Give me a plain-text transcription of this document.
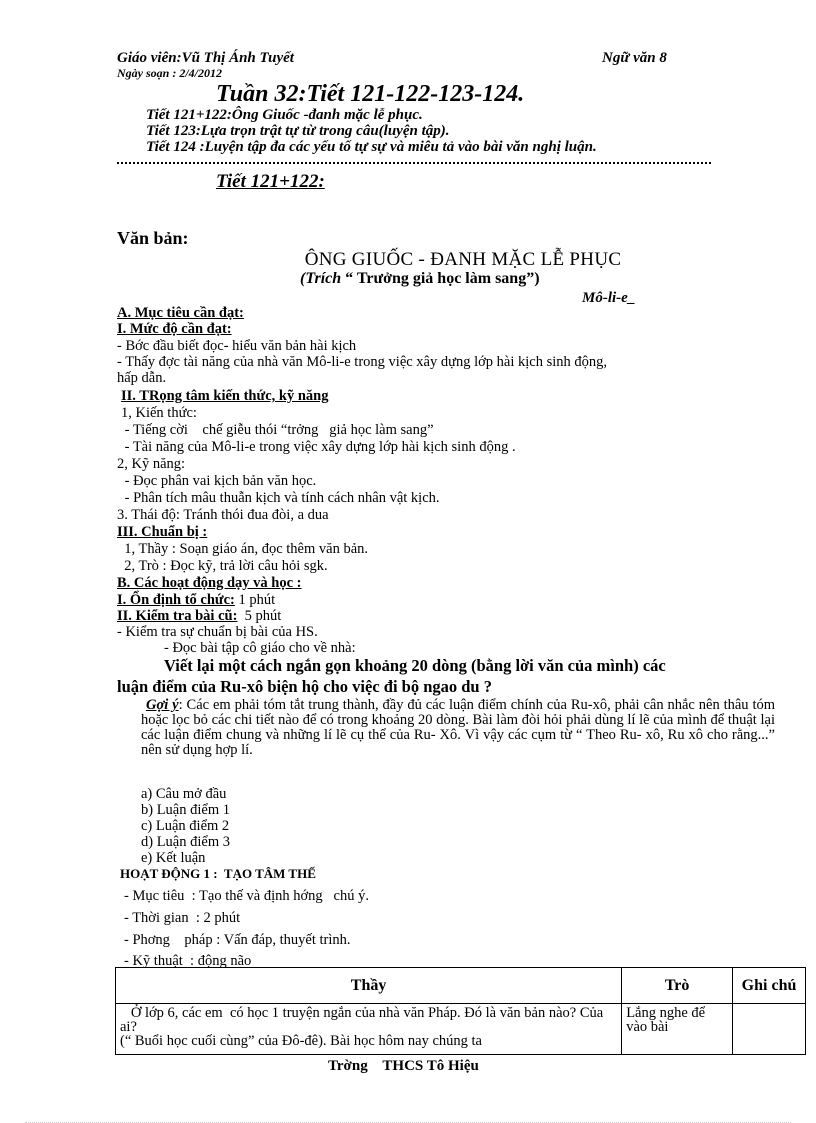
Giáo viên:Vũ Thị Ánh Tuyết	Ngữ văn 8
Ngày soạn : 2/4/2012
Tuần 32:Tiết 121-122-123-124.
Tiết 121+122:Ông Giuốc -đanh mặc lễ phục.
Tiết 123:Lựa trọn trật tự từ trong câu(luyện tập).
Tiết 124 :Luyện tập đa các yếu tố tự sự và miêu tả vào bài văn nghị luận.
Tiết 121+122:
Văn bản:
ÔNG GIUỐC - ĐANH MẶC LỄ PHỤC
(Trích “ Trưởng giả học làm sang”)
Mô-li-e_
A. Mục tiêu cần đạt:
I. Mức độ cần đạt:
- Bớc đầu biết đọc- hiểu văn bản hài kịch
- Thấy đợc tài năng của nhà văn Mô-li-e trong việc xây dựng lớp hài kịch sinh động,
hấp dẫn.
II. TRọng tâm kiến thức, kỹ năng
1, Kiến thức:
- Tiếng cời    chế giễu thói “trởng   giả học làm sang”
- Tài năng của Mô-li-e trong việc xây dựng lớp hài kịch sinh động .
2, Kỹ năng:
- Đọc phân vai kịch bản văn học.
- Phân tích mâu thuẫn kịch và tính cách nhân vật kịch.
3. Thái độ: Tránh thói đua đòi, a dua
III. Chuẩn bị :
1, Thầy : Soạn giáo án, đọc thêm văn bản.
2, Trò : Đọc kỹ, trả lời câu hỏi sgk.
B. Các hoạt động dạy và học :
I. Ổn định tổ chức: 1 phút
II. Kiểm tra bài cũ:  5 phút
- Kiểm tra sự chuẩn bị bài của HS.
- Đọc bài tập cô giáo cho về nhà:
Viết lại một cách ngắn gọn khoảng 20 dòng (bằng lời văn của mình) các
luận điểm của Ru-xô biện hộ cho việc đi bộ ngao du ?
Gợi ý: Các em phải tóm tắt trung thành, đầy đủ các luận điểm chính của Ru-xô, phải cân nhắc nên thâu tóm hoặc lọc bỏ các chi tiết nào để có trong khoảng 20 dòng. Bài làm đòi hỏi phải dùng lí lẽ của mình để thuật lại các luận điểm chung và những lí lẽ cụ thể của Ru- Xô. Vì vậy các cụm từ “ Theo Ru- xô, Ru xô cho rằng...” nên sử dụng hợp lí.
a) Câu mở đầu
b) Luận điểm 1
c) Luận điểm 2
d) Luận điểm 3
e) Kết luận
HOẠT ĐỘNG 1 :  TẠO TÂM THẾ
- Mục tiêu  : Tạo thế và định hớng   chú ý.
- Thời gian  : 2 phút
- Phơng    pháp : Vấn đáp, thuyết trình.
- Kỹ thuật  : động não
Thầy	Trò	Ghi chú
Ở lớp 6, các em  có học 1 truyện ngắn của nhà văn Pháp. Đó là văn bản nào? Của ai?
(“ Buổi học cuối cùng” của Đô-đê). Bài học hôm nay chúng ta	Lắng nghe để vào bài	
Trờng    THCS Tô Hiệu
